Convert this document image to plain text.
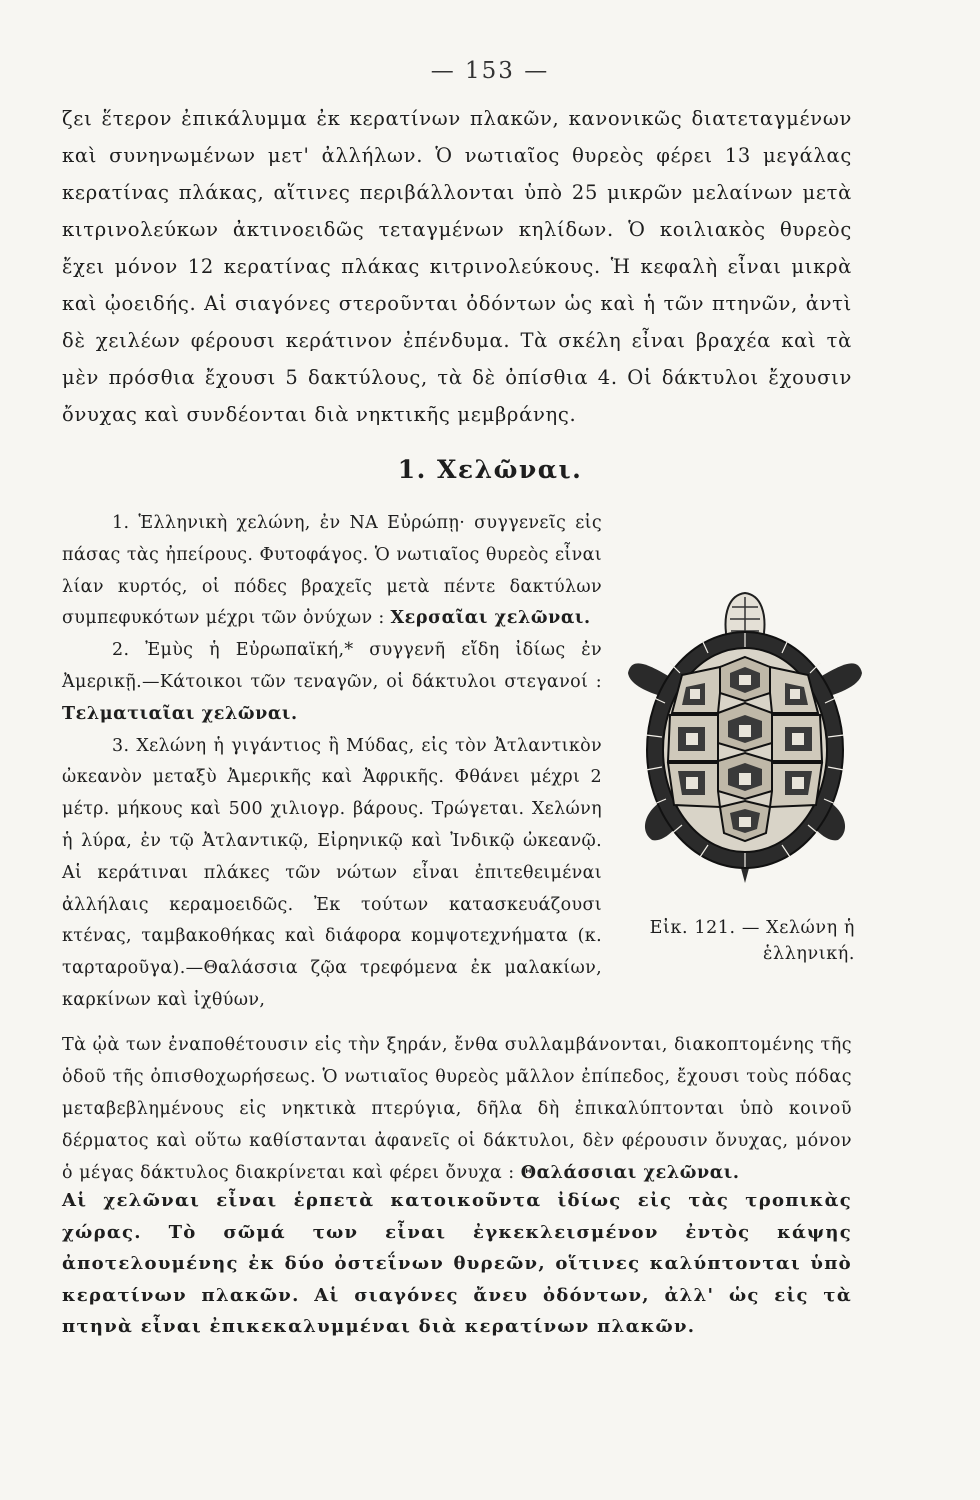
— 153 —

ζει ἕτερον ἐπικάλυμμα ἐκ κερατίνων πλακῶν, κανονικῶς διατεταγμένων καὶ συνηνωμένων μετ' ἀλλήλων. Ὁ νωτιαῖος θυρεὸς φέρει 13 μεγάλας κερατίνας πλάκας, αἵτινες περιβάλλονται ὑπὸ 25 μικρῶν μελαίνων μετὰ κιτρινολεύκων ἀκτινοειδῶς τεταγμένων κηλίδων. Ὁ κοιλιακὸς θυρεὸς ἔχει μόνον 12 κερατίνας πλάκας κιτρινολεύκους. Ἡ κεφαλὴ εἶναι μικρὰ καὶ ᾠοειδής. Αἱ σιαγόνες στεροῦνται ὀδόντων ὡς καὶ ἡ τῶν πτηνῶν, ἀντὶ δὲ χειλέων φέρουσι κεράτινον ἐπένδυμα. Τὰ σκέλη εἶναι βραχέα καὶ τὰ μὲν πρόσθια ἔχουσι 5 δακτύλους, τὰ δὲ ὀπίσθια 4. Οἱ δάκτυλοι ἔχουσιν ὄνυχας καὶ συνδέονται διὰ νηκτικῆς μεμβράνης.

1. Χελῶναι.

1. Ἑλληνικὴ χελώνη, ἐν ΝΑ Εὐρώπῃ· συγγενεῖς εἰς πάσας τὰς ἠπείρους. Φυτοφάγος. Ὁ νωτιαῖος θυρεὸς εἶναι λίαν κυρτός, οἱ πόδες βραχεῖς μετὰ πέντε δακτύλων συμπεφυκότων μέχρι τῶν ὀνύχων : Χερσαῖαι χελῶναι.

2. Ἐμὺς ἡ Εὐρωπαϊκή,* συγγενῆ εἴδη ἰδίως ἐν Ἀμερικῇ.—Κάτοικοι τῶν τεναγῶν, οἱ δάκτυλοι στεγανοί : Τελματιαῖαι χελῶναι.

3. Χελώνη ἡ γιγάντιος ἢ Μύδας, εἰς τὸν Ἀτλαντικὸν ὠκεανὸν μεταξὺ Ἀμερικῆς καὶ Ἀφρικῆς. Φθάνει μέχρι 2 μέτρ. μήκους καὶ 500 χιλιογρ. βάρους. Τρώγεται. Χελώνη ἡ λύρα, ἐν τῷ Ἀτλαντικῷ, Εἰρηνικῷ καὶ Ἰνδικῷ ὠκεανῷ. Αἱ κεράτιναι πλάκες τῶν νώτων εἶναι ἐπιτεθειμέναι ἀλλήλαις κεραμοειδῶς. Ἐκ τούτων κατασκευάζουσι κτένας, ταμβακοθήκας καὶ διάφορα κομψοτεχνήματα (κ. ταρταροῦγα).—Θαλάσσια ζῷα τρεφόμενα ἐκ μαλακίων, καρκίνων καὶ ἰχθύων,

Εἰκ. 121. — Χελώνη ἡ ἑλληνική.

Τὰ ᾠὰ των ἐναποθέτουσιν εἰς τὴν ξηράν, ἔνθα συλλαμβάνονται, διακοπτομένης τῆς ὁδοῦ τῆς ὀπισθοχωρήσεως. Ὁ νωτιαῖος θυρεὸς μᾶλλον ἐπίπεδος, ἔχουσι τοὺς πόδας μεταβεβλημένους εἰς νηκτικὰ πτερύγια, δῆλα δὴ ἐπικαλύπτονται ὑπὸ κοινοῦ δέρματος καὶ οὕτω καθίστανται ἀφανεῖς οἱ δάκτυλοι, δὲν φέρουσιν ὄνυχας, μόνον ὁ μέγας δάκτυλος διακρίνεται καὶ φέρει ὄνυχα : Θαλάσσιαι χελῶναι.

Αἱ χελῶναι εἶναι ἑρπετὰ κατοικοῦντα ἰδίως εἰς τὰς τροπικὰς χώρας. Τὸ σῶμά των εἶναι ἐγκεκλεισμένον ἐντὸς κάψης ἀποτελουμένης ἐκ δύο ὀστεΐνων θυρεῶν, οἵτινες καλύπτονται ὑπὸ κερατίνων πλακῶν. Αἱ σιαγόνες ἄνευ ὀδόντων, ἀλλ' ὡς εἰς τὰ πτηνὰ εἶναι ἐπικεκαλυμμέναι διὰ κερατίνων πλακῶν.
